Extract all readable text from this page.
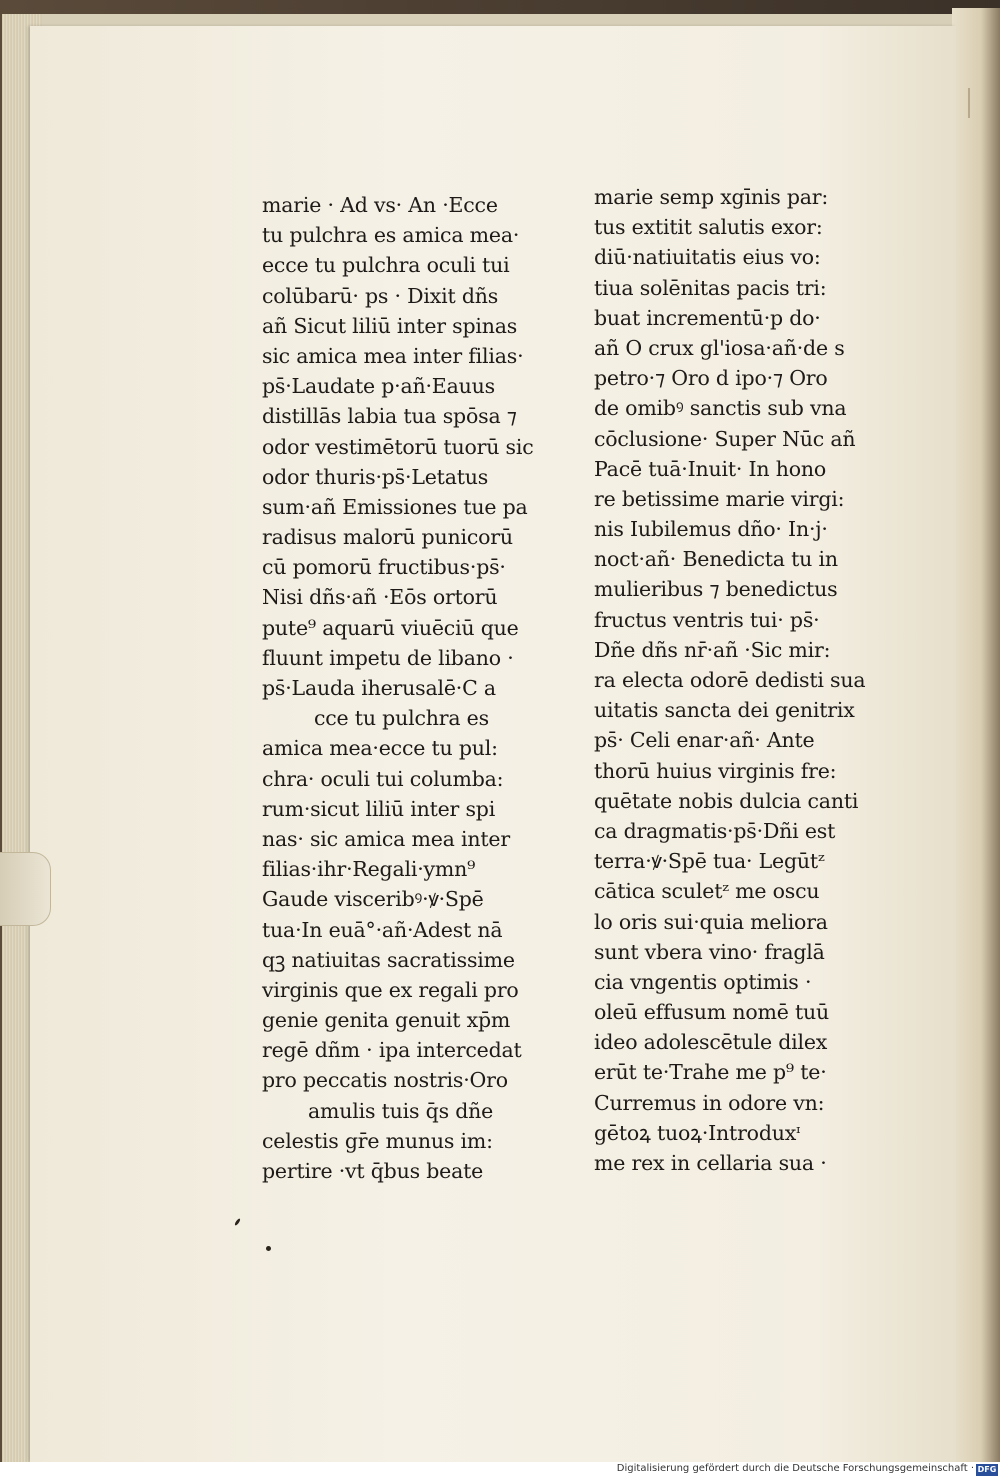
marie · Ad vs· An ·Ecce
tu pulchra es amica mea·
ecce tu pulchra oculi tui
colūbarū· ps · Dixit dñs
añ Sicut liliū inter spinas
sic amica mea inter filias·
ps̄·Laudate p·añ·Eauus
distillās labia tua spōsa ⁊
odor vestimētorū tuorū sic
odor thuris·ps̄·Letatus
sum·añ Emissiones tue pa
radisus malorū punicorū
cū pomorū fructibus·ps̄·
Nisi dñs·añ ·Eōs ortorū
pute⁹ aquarū viuēciū que
fluunt impetu de libano ·
ps̄·Lauda iherusalē·C a
cce tu pulchra es
amica mea·ecce tu pul:
chra· oculi tui columba:
rum·sicut liliū inter spi
nas· sic amica mea inter
filias·ihr·Regali·ymn⁹
Gaude visceribꝰ·ꝟ·Spē
tua·In euā°·añ·Adest nā
qꝫ natiuitas sacratissime
virginis que ex regali pro
genie genita genuit xp̄m
regē dñm · ipa intercedat
pro peccatis nostris·Oro
amulis tuis q̄s dñe
celestis gr̄e munus im:
pertire ·vt q̄bus beate
marie semp xgīnis par:
tus extitit salutis exor:
diū·natiuitatis eius vo:
tiua solēnitas pacis tri:
buat incrementū·p do·
añ O crux gl'iosa·añ·de s
petro·⁊ Oro d ipo·⁊ Oro
de omibꝰ sanctis sub vna
cōclusione· Super Nūc añ
Pacē tuā·Inuit· In hono
re betissime marie virgi:
nis Iubilemus dño· In·j·
noct·añ· Benedicta tu in
mulieribus ⁊ benedictus
fructus ventris tui· ps̄·
Dñe dñs nr̄·añ ·Sic mir:
ra electa odorē dedisti sua
uitatis sancta dei genitrix
ps̄· Celi enar·añ· Ante
thorū huius virginis fre:
quētate nobis dulcia canti
ca dragmatis·ps̄·Dñi est
terra·ꝟ·Spē tua· Legūtᶻ
cātica sculetᶻ me oscu
lo oris sui·quia meliora
sunt vbera vino· fraglā
cia vngentis optimis ·
oleū effusum nomē tuū
ideo adolescētule dilex
erūt te·Trahe me p⁹ te·
Curremus in odore vn:
gētoꝝ tuoꝝ·Introduxᶦ
me rex in cellaria sua ·
Digitalisierung gefördert durch die Deutsche Forschungsgemeinschaft · DFG
